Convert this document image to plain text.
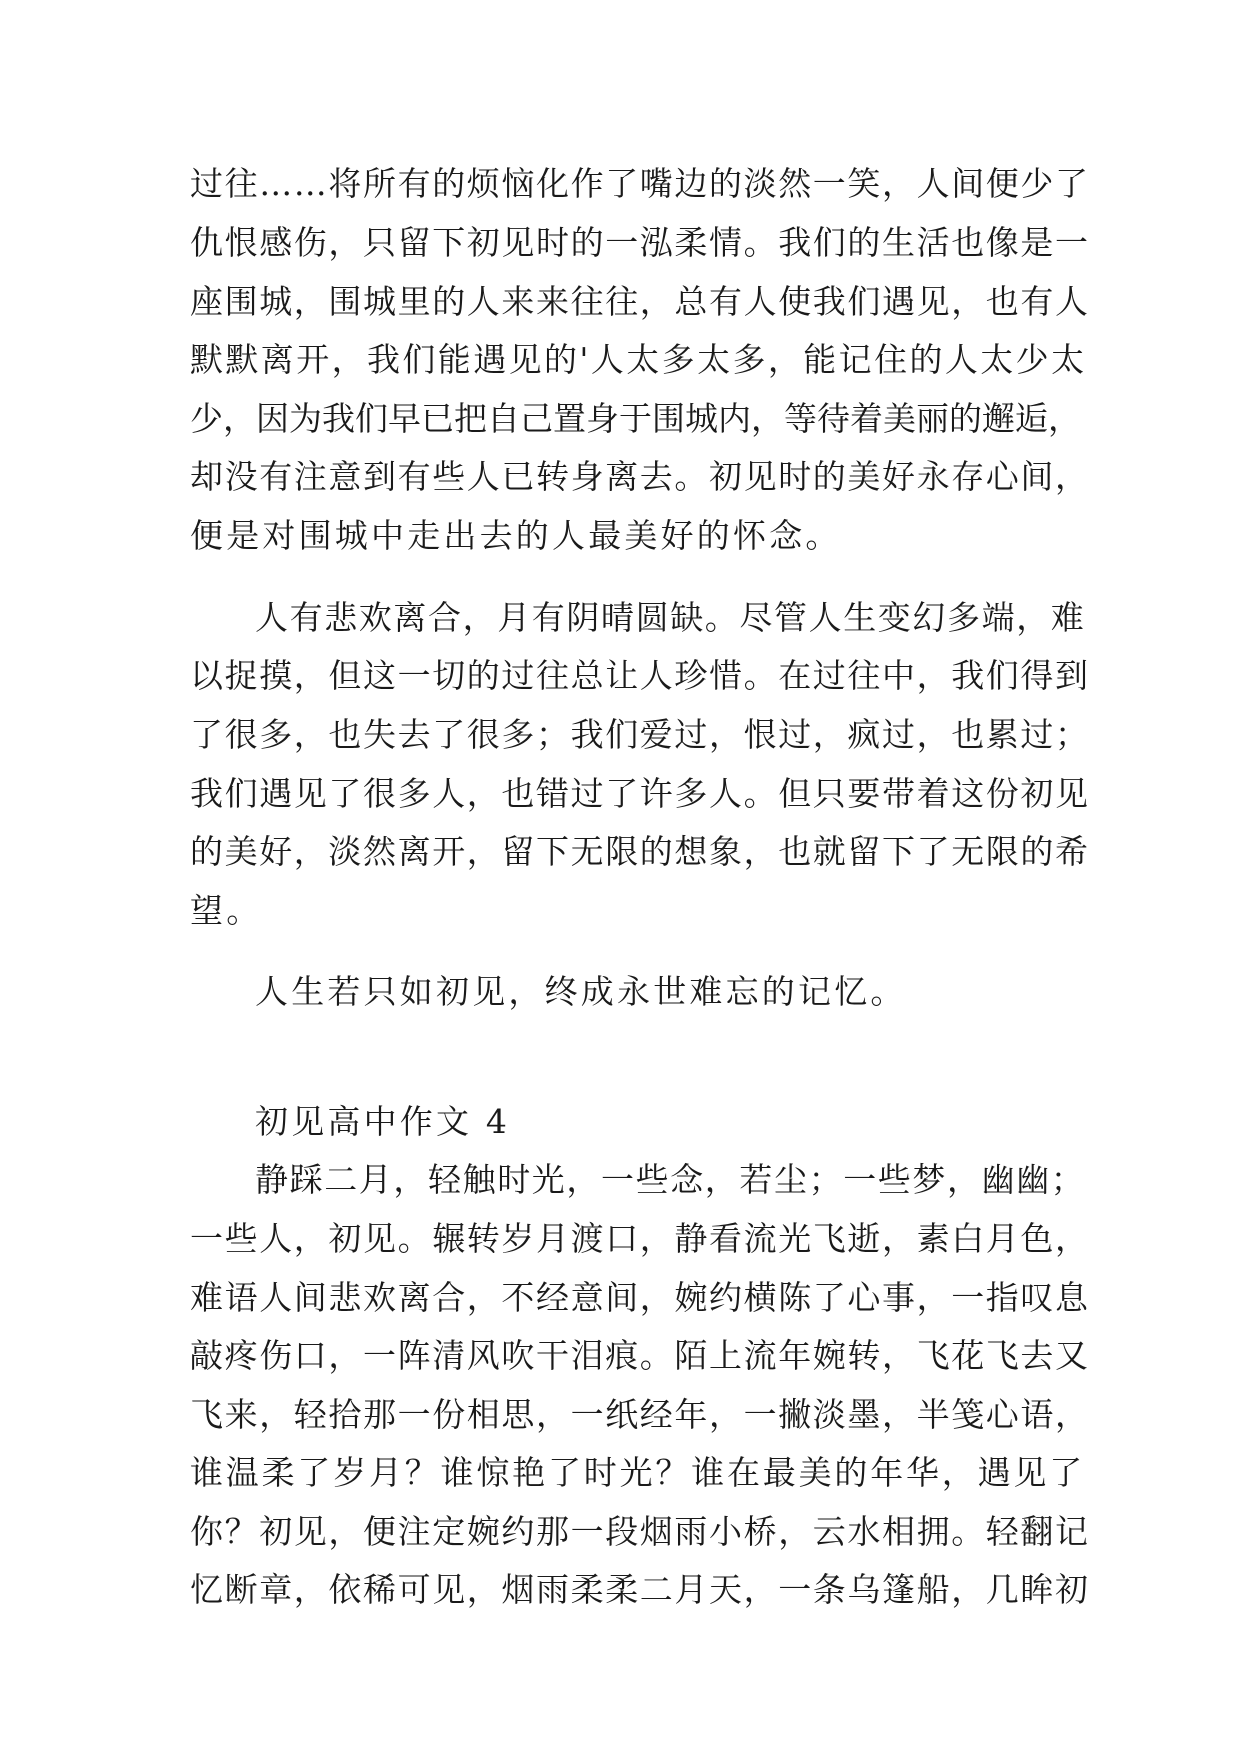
过往……将所有的烦恼化作了嘴边的淡然一笑，人间便少了
仇恨感伤，只留下初见时的一泓柔情。我们的生活也像是一
座围城，围城里的人来来往往，总有人使我们遇见，也有人
默默离开，我们能遇见的'人太多太多，能记住的人太少太
少，因为我们早已把自己置身于围城内，等待着美丽的邂逅，
却没有注意到有些人已转身离去。初见时的美好永存心间，
便是对围城中走出去的人最美好的怀念。
人有悲欢离合，月有阴晴圆缺。尽管人生变幻多端，难
以捉摸，但这一切的过往总让人珍惜。在过往中，我们得到
了很多，也失去了很多；我们爱过，恨过，疯过，也累过；
我们遇见了很多人，也错过了许多人。但只要带着这份初见
的美好，淡然离开，留下无限的想象，也就留下了无限的希
望。
人生若只如初见，终成永世难忘的记忆。
初见高中作文 4
静踩二月，轻触时光，一些念，若尘；一些梦，幽幽；
一些人，初见。辗转岁月渡口，静看流光飞逝，素白月色，
难语人间悲欢离合，不经意间，婉约横陈了心事，一指叹息
敲疼伤口，一阵清风吹干泪痕。陌上流年婉转，飞花飞去又
飞来，轻拾那一份相思，一纸经年，一撇淡墨，半笺心语，
谁温柔了岁月？谁惊艳了时光？谁在最美的年华，遇见了
你？初见，便注定婉约那一段烟雨小桥，云水相拥。轻翻记
忆断章，依稀可见，烟雨柔柔二月天，一条乌篷船，几眸初
